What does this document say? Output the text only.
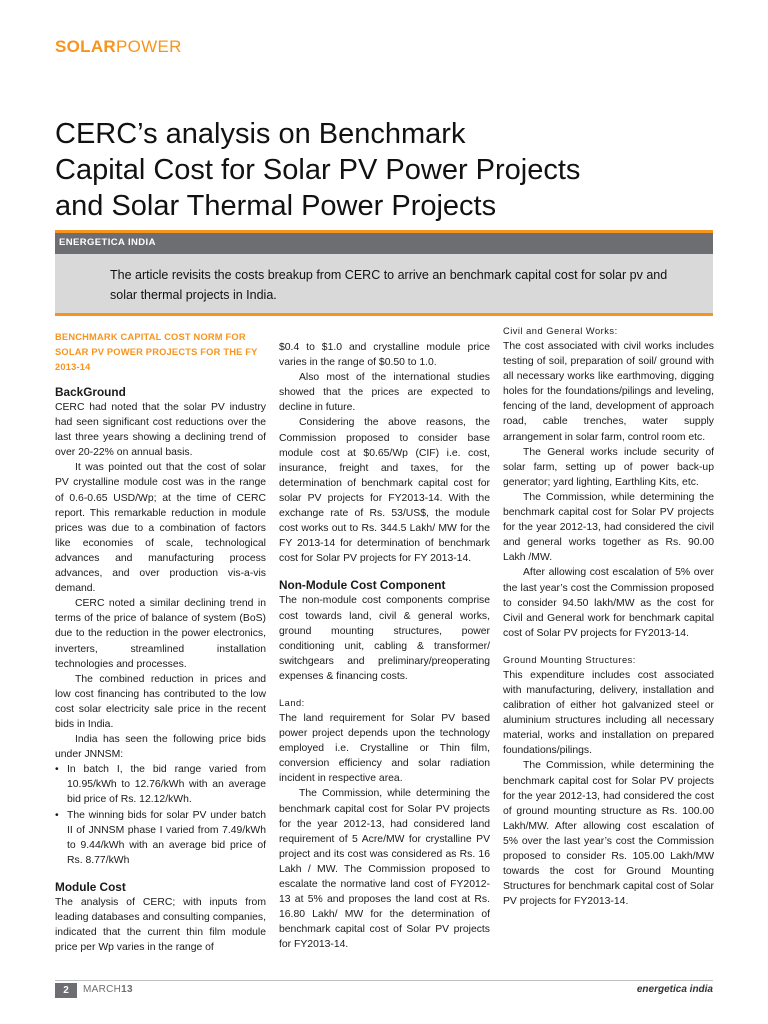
SOLARPOWER
CERC’s analysis on Benchmark
Capital Cost for Solar PV Power Projects
and Solar Thermal Power Projects
ENERGETICA INDIA

The article revisits the costs breakup from CERC to arrive an benchmark capital cost for solar pv and solar thermal projects in India.

BENCHMARK CAPITAL COST NORM FOR SOLAR PV POWER PROJECTS FOR THE FY 2013-14
BackGround

CERC had noted that the solar PV industry had seen significant cost reductions over the last three years showing a declining trend of over 20-22% on annual basis.

It was pointed out that the cost of solar PV crystalline module cost was in the range of 0.6-0.65 USD/Wp; at the time of CERC report. This remarkable reduction in module prices was due to a combination of factors like economies of scale, technological advances and manufacturing process advances, and over production vis-a-vis demand.

CERC noted a similar declining trend in terms of the price of balance of system (BoS) due to the reduction in the power electronics, inverters, streamlined installation technologies and processes.

The combined reduction in prices and low cost financing has contributed to the low cost solar electricity sale price in the recent bids in India.

India has seen the following price bids under JNNSM:

• In batch I, the bid range varied from 10.95/kWh to 12.76/kWh with an average bid price of Rs. 12.12/kWh.
• The winning bids for solar PV under batch II of JNNSM phase I varied from 7.49/kWh to 9.44/kWh with an average bid price of Rs. 8.77/kWh
Module Cost

The analysis of CERC; with inputs from leading databases and consulting companies, indicated that the current thin film module price per Wp varies in the range of

$0.4 to $1.0 and crystalline module price varies in the range of $0.50 to 1.0.

Also most of the international studies showed that the prices are expected to decline in future.

Considering the above reasons, the Commission proposed to consider base module cost at $0.65/Wp (CIF) i.e. cost, insurance, freight and taxes, for the determination of benchmark capital cost for solar PV projects for FY2013-14. With the exchange rate of Rs. 53/US$, the module cost works out to Rs. 344.5 Lakh/ MW for the FY 2013-14 for determination of benchmark cost for Solar PV projects for FY 2013-14.

Non-Module Cost Component

The non-module cost components comprise cost towards land, civil & general works, ground mounting structures, power conditioning unit, cabling & transformer/ switchgears and preliminary/preoperating expenses & financing costs.

Land:

The land requirement for Solar PV based power project depends upon the technology employed i.e. Crystalline or Thin film, conversion efficiency and solar radiation incident in respective area.

The Commission, while determining the benchmark capital cost for Solar PV projects for the year 2012-13, had considered land requirement of 5 Acre/MW for crystalline PV project and its cost was considered as Rs. 16 Lakh / MW. The Commission proposed to escalate the normative land cost of FY2012-13 at 5% and proposes the land cost at Rs. 16.80 Lakh/ MW for the determination of benchmark capital cost of Solar PV projects for FY2013-14.

Civil and General Works:

The cost associated with civil works includes testing of soil, preparation of soil/ ground with all necessary works like earthmoving, digging holes for the foundations/pilings and leveling, fencing of the land, development of approach road, cable trenches, water supply arrangement in solar farm, control room etc.

The General works include security of solar farm, setting up of power back-up generator; yard lighting, Earthling Kits, etc.

The Commission, while determining the benchmark capital cost for Solar PV projects for the year 2012-13, had considered the civil and general works together as Rs. 90.00 Lakh /MW.

After allowing cost escalation of 5% over the last year’s cost the Commission proposed to consider 94.50 lakh/MW as the cost for Civil and General work for benchmark capital cost of Solar PV projects for FY2013-14.

Ground Mounting Structures:

This expenditure includes cost associated with manufacturing, delivery, installation and calibration of either hot galvanized steel or aluminium structures including all necessary material, works and installation on prepared foundations/pilings.

The Commission, while determining the benchmark capital cost for Solar PV projects for the year 2012-13, had considered the cost of ground mounting structure as Rs. 100.00 Lakh/MW. After allowing cost escalation of 5% over the last year’s cost the Commission proposed to consider Rs. 105.00 Lakh/MW towards the cost for Ground Mounting Structures for benchmark capital cost of Solar PV projects for FY2013-14.

2	MARCH13	energetica india
